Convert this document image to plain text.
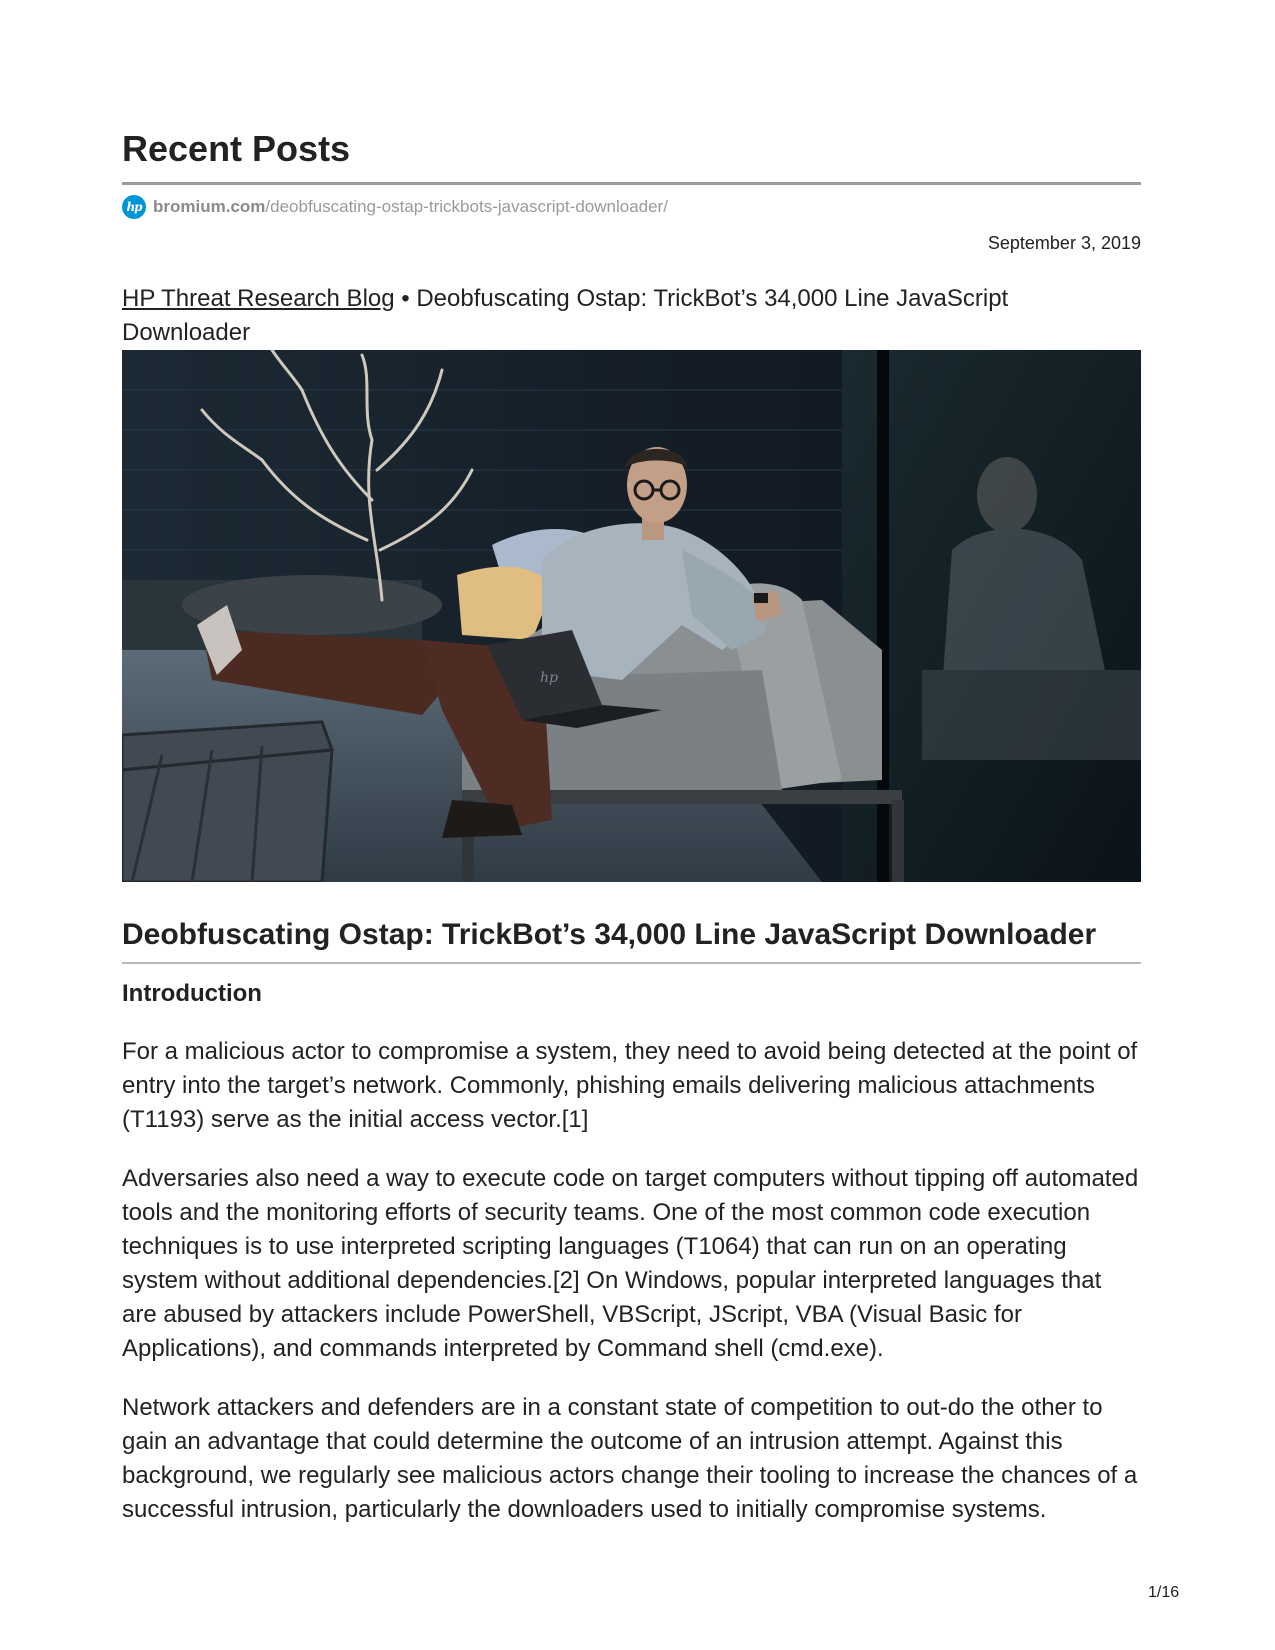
Recent Posts
hp bromium.com /deobfuscating-ostap-trickbots-javascript-downloader/
September 3, 2019
HP Threat Research Blog • Deobfuscating Ostap: TrickBot’s 34,000 Line JavaScript Downloader
hp
Deobfuscating Ostap: TrickBot’s 34,000 Line JavaScript Downloader
Introduction

For a malicious actor to compromise a system, they need to avoid being detected at the point of entry into the target’s network. Commonly, phishing emails delivering malicious attachments (T1193) serve as the initial access vector.[1]

Adversaries also need a way to execute code on target computers without tipping off automated tools and the monitoring efforts of security teams. One of the most common code execution techniques is to use interpreted scripting languages (T1064) that can run on an operating system without additional dependencies.[2] On Windows, popular interpreted languages that are abused by attackers include PowerShell, VBScript, JScript, VBA (Visual Basic for Applications), and commands interpreted by Command shell (cmd.exe).

Network attackers and defenders are in a constant state of competition to out-do the other to gain an advantage that could determine the outcome of an intrusion attempt. Against this background, we regularly see malicious actors change their tooling to increase the chances of a successful intrusion, particularly the downloaders used to initially compromise systems.

1/16
